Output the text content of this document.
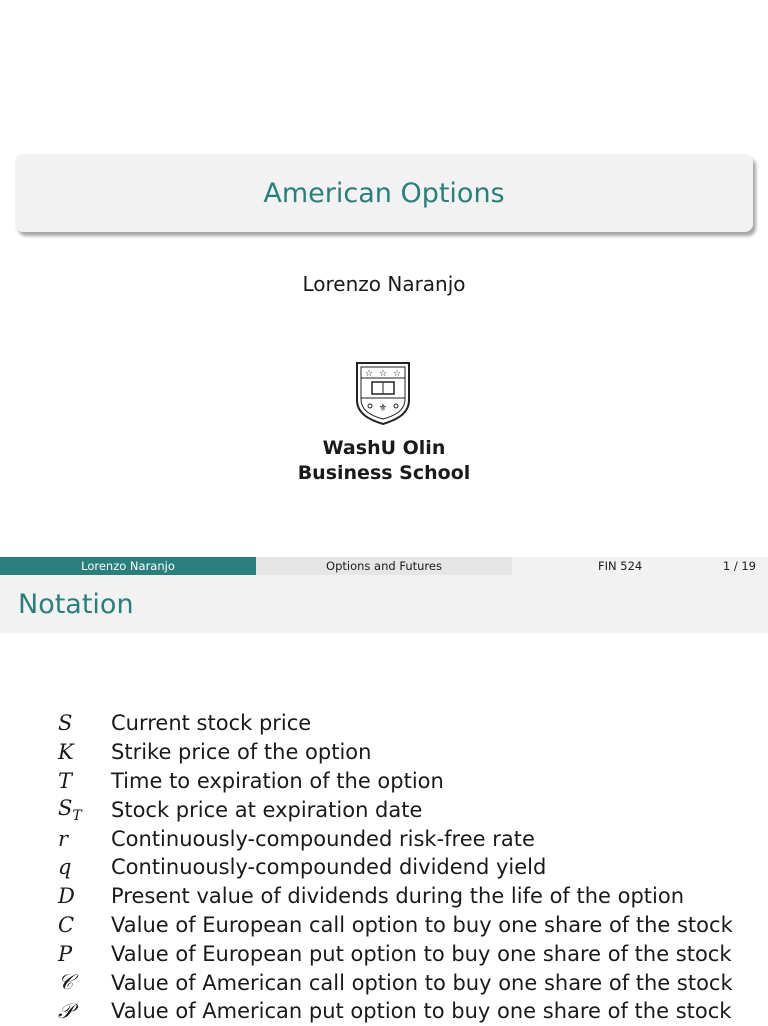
American Options
Lorenzo Naranjo
☆ ☆ ☆
⚜
WashU Olin
Business School
Lorenzo Naranjo	Options and Futures	FIN 524	1 / 19
Notation
S	Current stock price
K	Strike price of the option
T	Time to expiration of the option
$S_T$	Stock price at expiration date
r	Continuously-compounded risk-free rate
q	Continuously-compounded dividend yield
D	Present value of dividends during the life of the option
C	Value of European call option to buy one share of the stock
P	Value of European put option to buy one share of the stock
𝒞	Value of American call option to buy one share of the stock
𝒫	Value of American put option to buy one share of the stock
